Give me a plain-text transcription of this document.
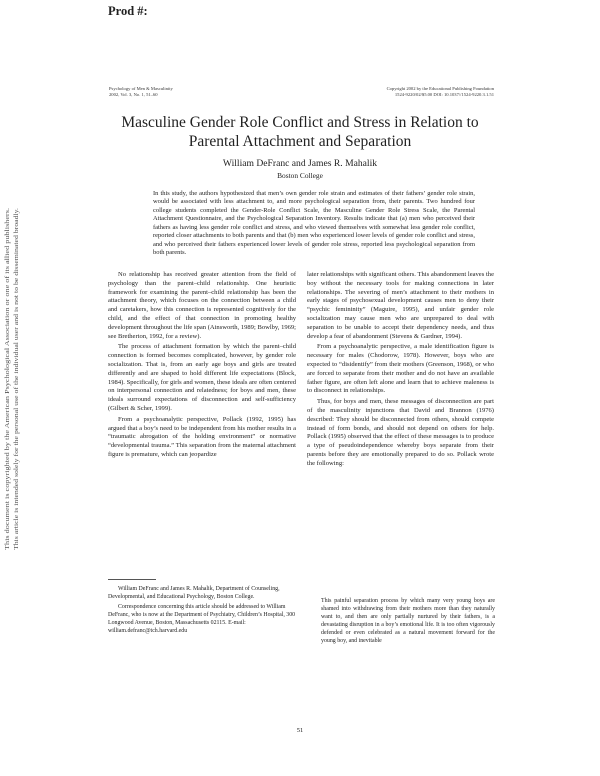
Prod #:
Psychology of Men & Masculinity
2002, Vol. 3, No. 1, 51–60
Copyright 2002 by the Educational Publishing Foundation
1524-9220/02/$5.00 DOI: 10.1037//1524-9220.3.1.51
Masculine Gender Role Conflict and Stress in Relation to
Parental Attachment and Separation
William DeFranc and James R. Mahalik
Boston College
In this study, the authors hypothesized that men’s own gender role strain and estimates of their fathers’ gender role strain, would be associated with less attachment to, and more psychological separation from, their parents. Two hundred four college students completed the Gender-Role Conflict Scale, the Masculine Gender Role Stress Scale, the Parental Attachment Questionnaire, and the Psychological Separation Inventory. Results indicate that (a) men who perceived their fathers as having less gender role conflict and stress, and who viewed themselves with somewhat less gender role conflict, reported closer attachments to both parents and that (b) men who experienced lower levels of gender role conflict and stress, and who perceived their fathers experienced lower levels of gender role stress, reported less psychological separation from both parents.

No relationship has received greater attention from the field of psychology than the parent–child relationship. One heuristic framework for examining the parent–child relationship has been the attachment theory, which focuses on the connection between a child and caretakers, how this connection is represented cognitively for the child, and the effect of that connection in promoting healthy development throughout the life span (Ainsworth, 1989; Bowlby, 1969; see Bretherton, 1992, for a review).

The process of attachment formation by which the parent–child connection is formed becomes complicated, however, by gender role socialization. That is, from an early age boys and girls are treated differently and are shaped to hold different life expectations (Block, 1984). Specifically, for girls and women, these ideals are often centered on interpersonal connection and relatedness; for boys and men, these ideals surround expectations of disconnection and self-sufficiency (Gilbert & Scher, 1999).

From a psychoanalytic perspective, Pollack (1992, 1995) has argued that a boy’s need to be independent from his mother results in a “traumatic abrogation of the holding environment” or normative “developmental trauma.” This separation from the maternal attachment figure is premature, which can jeopardize

later relationships with significant others. This abandonment leaves the boy without the necessary tools for making connections in later relationships. The severing of men’s attachment to their mothers in early stages of psychosexual development causes men to deny their “psychic femininity” (Maguire, 1995), and unfair gender role socialization may cause men who are unprepared to deal with separation to be unable to accept their dependency needs, and thus develop a fear of abandonment (Stevens & Gardner, 1994).

From a psychoanalytic perspective, a male identification figure is necessary for males (Chodorow, 1978). However, boys who are expected to “disidentify” from their mothers (Greenson, 1968), or who are forced to separate from their mother and do not have an available father figure, are often left alone and learn that to achieve maleness is to disconnect in relationships.

Thus, for boys and men, these messages of disconnection are part of the masculinity injunctions that David and Brannon (1976) described: They should be disconnected from others, should compete instead of form bonds, and should not depend on others for help. Pollack (1995) observed that the effect of these messages is to produce a type of pseudoindependence whereby boys separate from their parents before they are emotionally prepared to do so. Pollack wrote the following:

William DeFranc and James R. Mahalik, Department of Counseling, Developmental, and Educational Psychology, Boston College.

Correspondence concerning this article should be addressed to William DeFranc, who is now at the Department of Psychiatry, Children’s Hospital, 300 Longwood Avenue, Boston, Massachusetts 02115. E-mail: william.defranc@tch.harvard.edu

This painful separation process by which many very young boys are shamed into withdrawing from their mothers more than they naturally want to, and then are only partially nurtured by their fathers, is a devastating disruption in a boy’s emotional life. It is too often vigorously defended or even celebrated as a natural movement forward for the young boy, and inevitable
51
This document is copyrighted by the American Psychological Association or one of its allied publishers. This article is intended solely for the personal use of the individual user and is not to be disseminated broadly.
